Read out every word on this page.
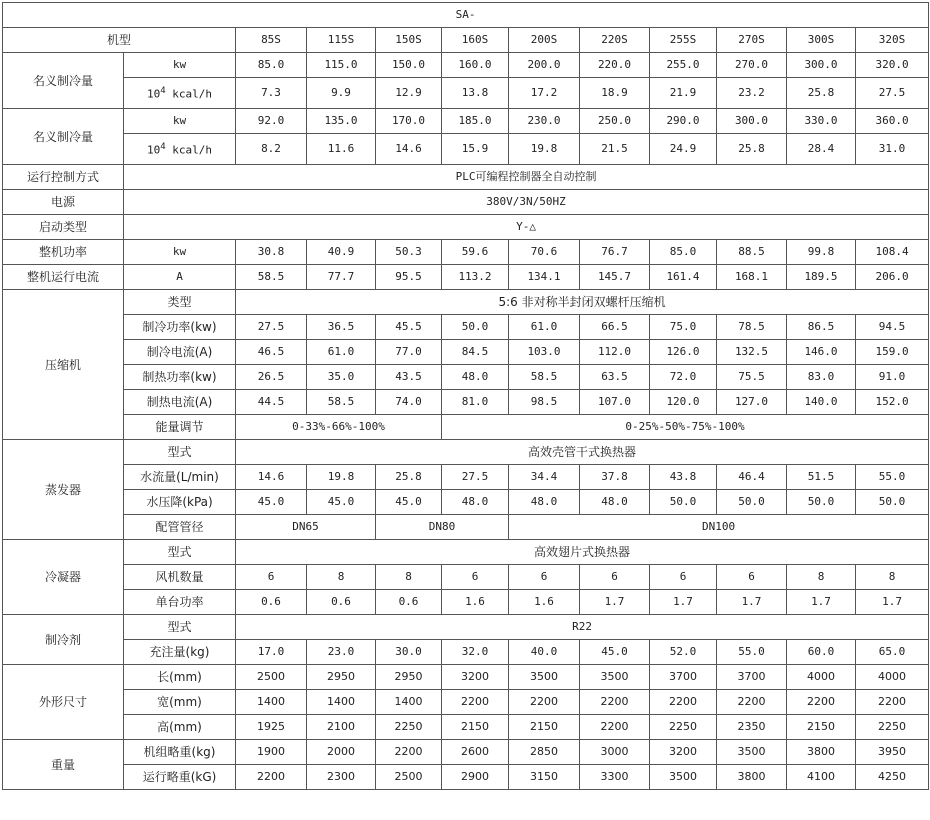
SA-											
机型		85S	115S	150S	160S	200S	220S	255S	270S	300S	320S
名义制冷量	kw	85.0	115.0	150.0	160.0	200.0	220.0	255.0	270.0	300.0	320.0
	$10^4$ kcal/h	7.3	9.9	12.9	13.8	17.2	18.9	21.9	23.2	25.8	27.5
名义制冷量	kw	92.0	135.0	170.0	185.0	230.0	250.0	290.0	300.0	330.0	360.0
	$10^4$ kcal/h	8.2	11.6	14.6	15.9	19.8	21.5	24.9	25.8	28.4	31.0
运行控制方式	PLC可编程控制器全自动控制										
电源	380V/3N/50HZ										
启动类型	Y-△										
整机功率	kw	30.8	40.9	50.3	59.6	70.6	76.7	85.0	88.5	99.8	108.4
整机运行电流	A	58.5	77.7	95.5	113.2	134.1	145.7	161.4	168.1	189.5	206.0
压缩机	类型	5:6 非对称半封闭双螺杆压缩机									
	制冷功率(kw)	27.5	36.5	45.5	50.0	61.0	66.5	75.0	78.5	86.5	94.5
	制冷电流(A)	46.5	61.0	77.0	84.5	103.0	112.0	126.0	132.5	146.0	159.0
	制热功率(kw)	26.5	35.0	43.5	48.0	58.5	63.5	72.0	75.5	83.0	91.0
	制热电流(A)	44.5	58.5	74.0	81.0	98.5	107.0	120.0	127.0	140.0	152.0
	能量调节	0-33%-66%-100%			0-25%-50%-75%-100%						
蒸发器	型式	高效壳管干式换热器									
	水流量(L/min)	14.6	19.8	25.8	27.5	34.4	37.8	43.8	46.4	51.5	55.0
	水压降(kPa)	45.0	45.0	45.0	48.0	48.0	48.0	50.0	50.0	50.0	50.0
	配管管径	DN65		DN80		DN100					
冷凝器	型式	高效翅片式换热器									
	风机数量	6	8	8	6	6	6	6	6	8	8
	单台功率	0.6	0.6	0.6	1.6	1.6	1.7	1.7	1.7	1.7	1.7
制冷剂	型式	R22									
	充注量(kg)	17.0	23.0	30.0	32.0	40.0	45.0	52.0	55.0	60.0	65.0
外形尺寸	长(mm)	2500	2950	2950	3200	3500	3500	3700	3700	4000	4000
	宽(mm)	1400	1400	1400	2200	2200	2200	2200	2200	2200	2200
	高(mm)	1925	2100	2250	2150	2150	2200	2250	2350	2150	2250
重量	机组略重(kg)	1900	2000	2200	2600	2850	3000	3200	3500	3800	3950
	运行略重(kG)	2200	2300	2500	2900	3150	3300	3500	3800	4100	4250
